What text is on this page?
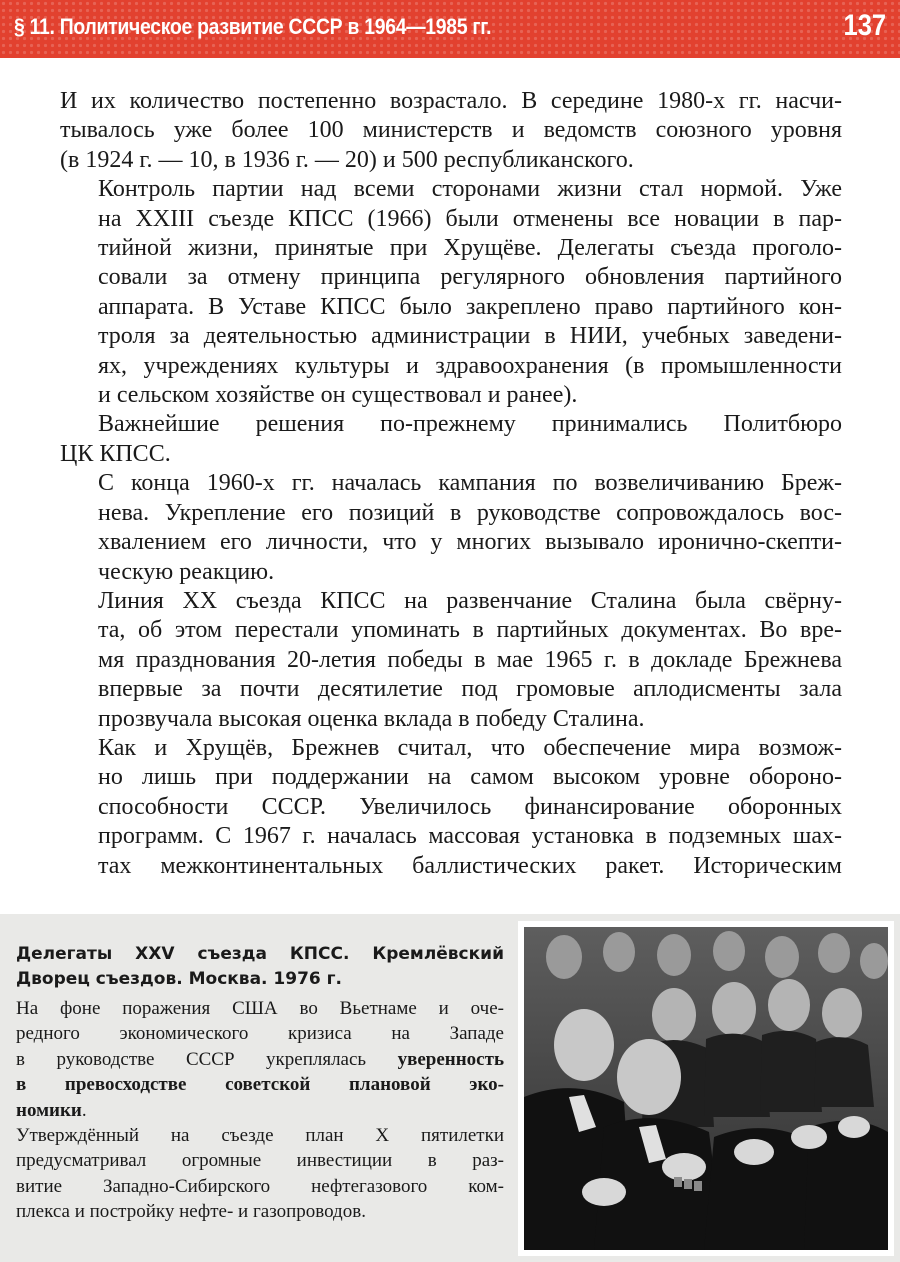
§ 11. Политическое развитие СССР в 1964—1985 гг.	137

И их количество постепенно возрастало. В середине 1980-х гг. насчи-
тывалось уже более 100 министерств и ведомств союзного уровня
(в 1924 г. — 10, в 1936 г. — 20) и 500 республиканского.

Контроль партии над всеми сторонами жизни стал нормой. Уже
на XXIII съезде КПСС (1966) были отменены все новации в пар-
тийной жизни, принятые при Хрущёве. Делегаты съезда проголо-
совали за отмену принципа регулярного обновления партийного
аппарата. В Уставе КПСС было закреплено право партийного кон-
троля за деятельностью администрации в НИИ, учебных заведени-
ях, учреждениях культуры и здравоохранения (в промышленности
и сельском хозяйстве он существовал и ранее).

Важнейшие решения по-прежнему принимались Политбюро
ЦК КПСС.

С конца 1960-х гг. началась кампания по возвеличиванию Бреж-
нева. Укрепление его позиций в руководстве сопровождалось вос-
хвалением его личности, что у многих вызывало иронично-скепти-
ческую реакцию.

Линия XX съезда КПСС на развенчание Сталина была свёрну-
та, об этом перестали упоминать в партийных документах. Во вре-
мя празднования 20-летия победы в мае 1965 г. в докладе Брежнева
впервые за почти десятилетие под громовые аплодисменты зала
прозвучала высокая оценка вклада в победу Сталина.

Как и Хрущёв, Брежнев считал, что обеспечение мира возмож-
но лишь при поддержании на самом высоком уровне обороно-
способности СССР. Увеличилось финансирование оборонных
программ. С 1967 г. началась массовая установка в подземных шах-
тах межконтинентальных баллистических ракет. Историческим

Делегаты XXV съезда КПСС. Кремлёвский
Дворец съездов. Москва. 1976 г.

На фоне поражения США во Вьетнаме и оче-
редного экономического кризиса на Западе
в руководстве СССР укреплялась уверенность
в превосходстве советской плановой эко-
номики.

Утверждённый на съезде план X пятилетки
предусматривал огромные инвестиции в раз-
витие Западно-Сибирского нефтегазового ком-
плекса и постройку нефте- и газопроводов.
